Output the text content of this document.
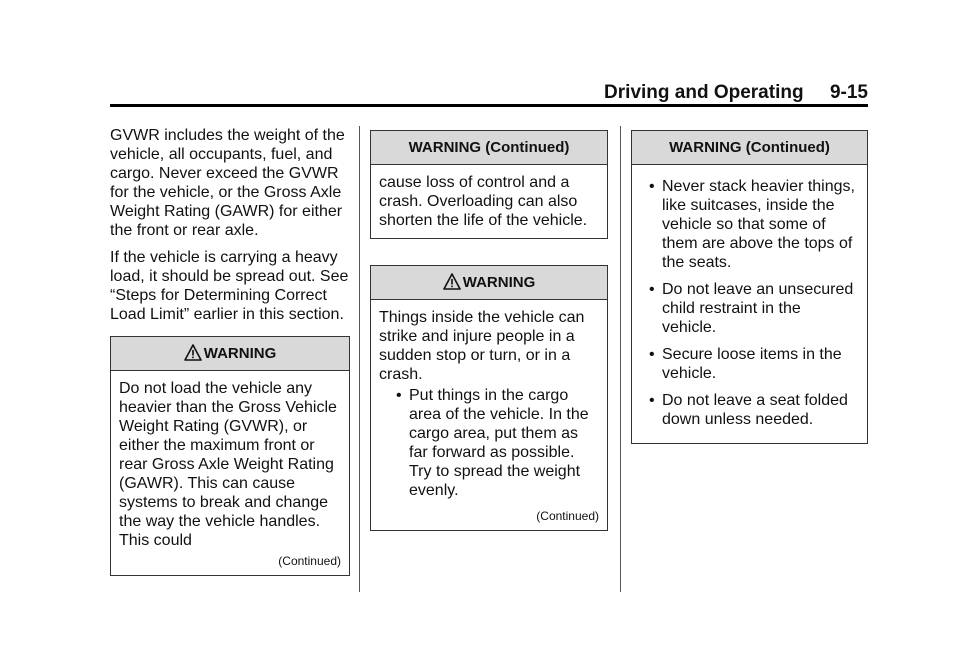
Driving and Operating     9-15

GVWR includes the weight of the vehicle, all occupants, fuel, and cargo. Never exceed the GVWR for the vehicle, or the Gross Axle Weight Rating (GAWR) for either the front or rear axle.

If the vehicle is carrying a heavy load, it should be spread out. See “Steps for Determining Correct Load Limit” earlier in this section.

WARNING

Do not load the vehicle any heavier than the Gross Vehicle Weight Rating (GVWR), or either the maximum front or rear Gross Axle Weight Rating (GAWR). This can cause systems to break and change the way the vehicle handles. This could

(Continued)
WARNING (Continued)

cause loss of control and a crash. Overloading can also shorten the life of the vehicle.

WARNING

Things inside the vehicle can strike and injure people in a sudden stop or turn, or in a crash.

• Put things in the cargo area of the vehicle. In the cargo area, put them as far forward as possible. Try to spread the weight evenly.
(Continued)
WARNING (Continued)
• Never stack heavier things, like suitcases, inside the vehicle so that some of them are above the tops of the seats.
• Do not leave an unsecured child restraint in the vehicle.
• Secure loose items in the vehicle.
• Do not leave a seat folded down unless needed.
